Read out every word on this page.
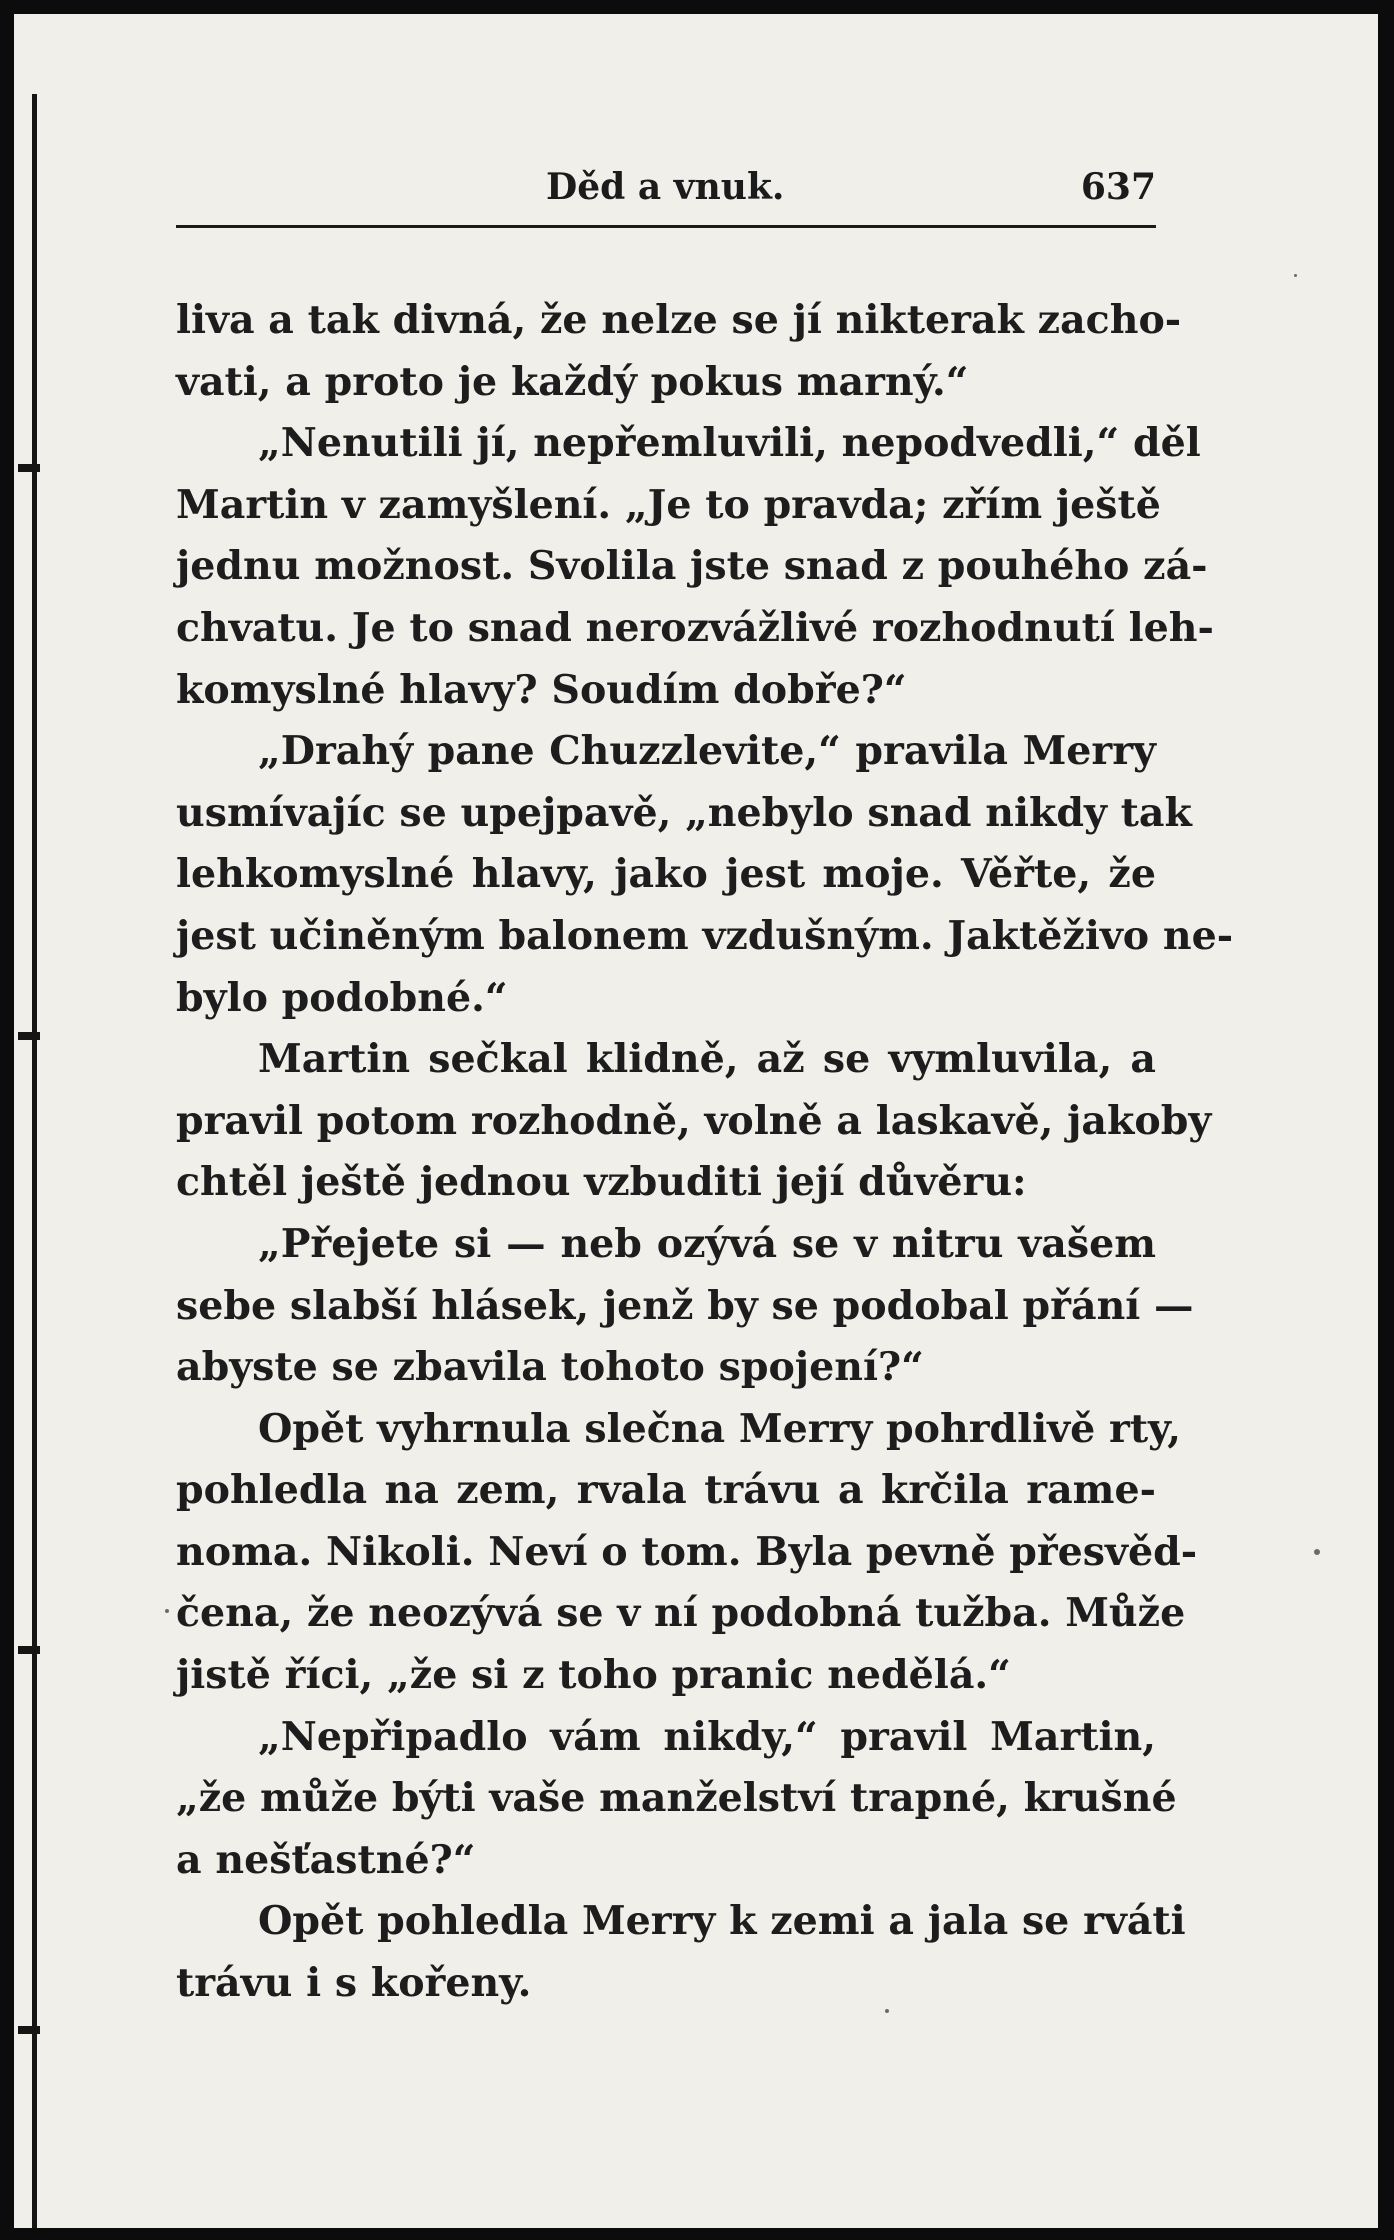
Děd a vnuk.	637
liva a tak divná, že nelze se jí nikterak zacho-
vati, a proto je každý pokus marný.“
„Nenutili jí, nepřemluvili, nepodvedli,“ děl
Martin v zamyšlení. „Je to pravda; zřím ještě
jednu možnost. Svolila jste snad z pouhého zá-
chvatu. Je to snad nerozvážlivé rozhodnutí leh-
komyslné hlavy? Soudím dobře?“
„Drahý pane Chuzzlevite,“ pravila Merry
usmívajíc se upejpavě, „nebylo snad nikdy tak
lehkomyslné hlavy, jako jest moje. Věřte, že
jest učiněným balonem vzdušným. Jaktěživo ne-
bylo podobné.“
Martin sečkal klidně, až se vymluvila, a
pravil potom rozhodně, volně a laskavě, jakoby
chtěl ještě jednou vzbuditi její důvěru:
„Přejete si — neb ozývá se v nitru vašem
sebe slabší hlásek, jenž by se podobal přání —
abyste se zbavila tohoto spojení?“
Opět vyhrnula slečna Merry pohrdlivě rty,
pohledla na zem, rvala trávu a krčila rame-
noma. Nikoli. Neví o tom. Byla pevně přesvěd-
čena, že neozývá se v ní podobná tužba. Může
jistě říci, „že si z toho pranic nedělá.“
„Nepřipadlo vám nikdy,“ pravil Martin,
„že může býti vaše manželství trapné, krušné
a nešťastné?“
Opět pohledla Merry k zemi a jala se rváti
trávu i s kořeny.
